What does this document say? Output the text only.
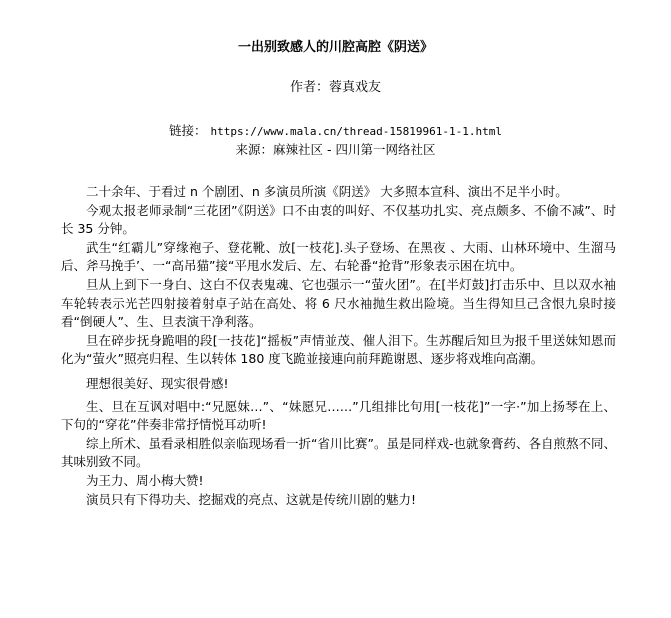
一出别致感人的川腔高腔《阴送》
作者：蓉真戏友
链接： https://www.mala.cn/thread-15819961-1-1.html
来源：麻辣社区 - 四川第一网络社区

二十余年、于看过 n 个剧团、n 多演员所演《阴送》 大多照本宣科、演出不足半小时。

今观太报老师录制“三花团”《阴送》口不由衷的叫好、不仅基功扎实、亮点颇多、不偷不减”、时长 35 分钟。

武生“红霸儿”穿缘袍子、登花靴、放[一枝花].头子登场、在黑夜 、大雨、山林环境中、生溜马后、斧马挽手’、一“高吊猫”接“平甩水发后、左、右轮番“抢背”形象表示困在坑中。

旦从上到下一身白、这白不仅表鬼魂、它也强示一“萤火团”。在[半灯鼓]打击乐中、旦以双水袖车轮转表示光芒四射接着射卓子站在高处、将 6 尺水袖抛生救出险境。当生得知旦己含恨九泉时接看“倒硬人”、生、旦表演干净利落。

旦在碎步抚身跪唱的段[一技花]“摇板”声情並茂、催人泪下。生苏醒后知旦为报千里送妹知恩而化为“萤火”照亮归程、生以转体 180 度飞跪並接連向前拜跪谢恩、逐步将戏堆向高潮。

理想很美好、现实很骨感!

生、旦在互讽对唱中:“兄愿妹…”、“妹愿兄……”几组排比句用[一枝花]”一字·”加上扬琴在上、下句的“穿花”伴奏非常抒情悦耳动听!

综上所术、虽看录相胜似亲临现场看一折“省川比赛”。虽是同样戏-也就象膏药、各自煎熬不同、其味别致不同。

为王力、周小梅大赞!

演员只有下得功夫、挖掘戏的亮点、这就是传统川剧的魅力!
